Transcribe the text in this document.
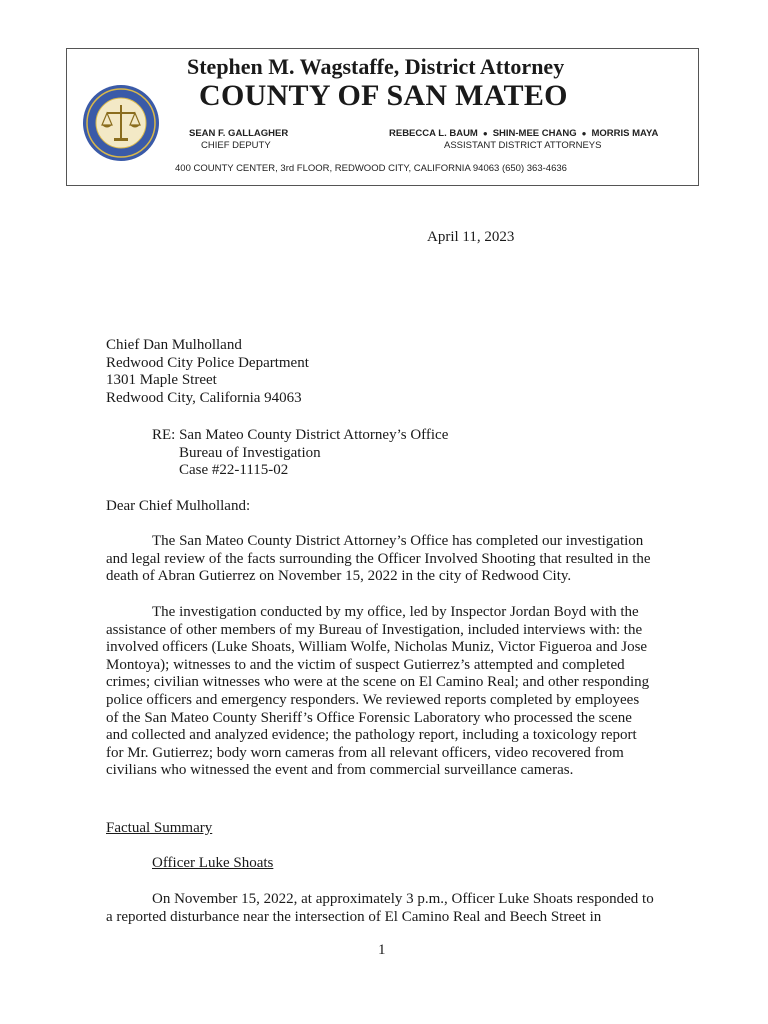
Stephen M. Wagstaffe, District Attorney
COUNTY OF SAN MATEO
SEAN F. GALLAGHER
CHIEF DEPUTY
REBECCA L. BAUM ● SHIN-MEE CHANG ● MORRIS MAYA
ASSISTANT DISTRICT ATTORNEYS
400 COUNTY CENTER, 3rd FLOOR, REDWOOD CITY, CALIFORNIA 94063 (650) 363-4636
April 11, 2023
Chief Dan Mulholland
Redwood City Police Department
1301 Maple Street
Redwood City, California 94063
RE: San Mateo County District Attorney’s Office
Bureau of Investigation
Case #22-1115-02
Dear Chief Mulholland:
The San Mateo County District Attorney’s Office has completed our investigation
and legal review of the facts surrounding the Officer Involved Shooting that resulted in the
death of Abran Gutierrez on November 15, 2022 in the city of Redwood City.
The investigation conducted by my office, led by Inspector Jordan Boyd with the
assistance of other members of my Bureau of Investigation, included interviews with: the
involved officers (Luke Shoats, William Wolfe, Nicholas Muniz, Victor Figueroa and Jose
Montoya); witnesses to and the victim of suspect Gutierrez’s attempted and completed
crimes; civilian witnesses who were at the scene on El Camino Real; and other responding
police officers and emergency responders. We reviewed reports completed by employees
of the San Mateo County Sheriff’s Office Forensic Laboratory who processed the scene
and collected and analyzed evidence; the pathology report, including a toxicology report
for Mr. Gutierrez; body worn cameras from all relevant officers, video recovered from
civilians who witnessed the event and from commercial surveillance cameras.
Factual Summary
Officer Luke Shoats
On November 15, 2022, at approximately 3 p.m., Officer Luke Shoats responded to
a reported disturbance near the intersection of El Camino Real and Beech Street in
1
